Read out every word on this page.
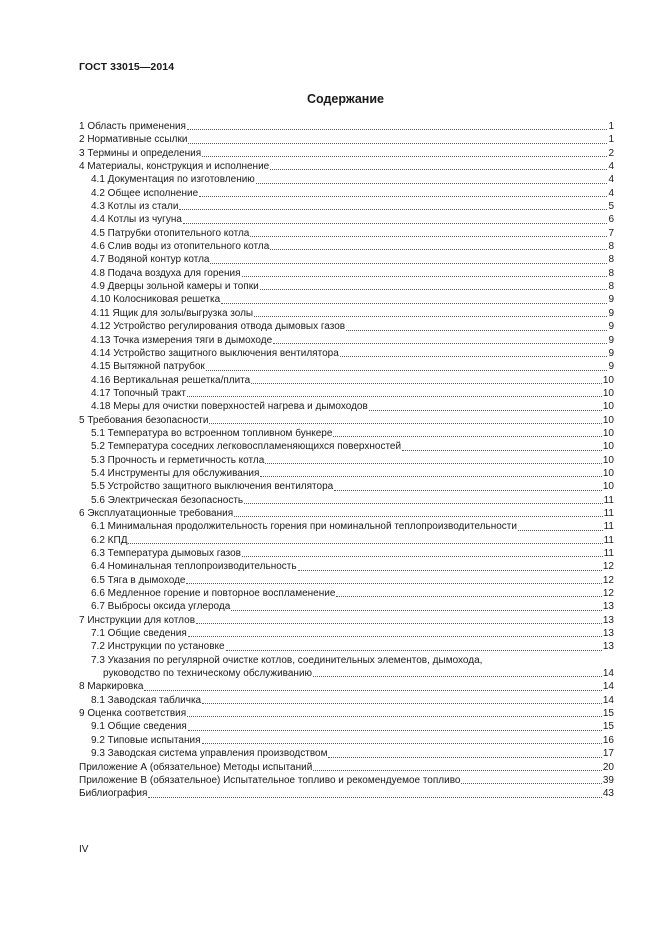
ГОСТ 33015—2014
Содержание
1 Область применения	1
2 Нормативные ссылки	1
3 Термины и определения	2
4 Материалы, конструкция и исполнение	4
4.1 Документация по изготовлению	4
4.2 Общее исполнение	4
4.3 Котлы из стали	5
4.4 Котлы из чугуна	6
4.5 Патрубки отопительного котла	7
4.6 Слив воды из отопительного котла	8
4.7 Водяной контур котла	8
4.8 Подача воздуха для горения	8
4.9 Дверцы зольной камеры и топки	8
4.10 Колосниковая решетка	9
4.11 Ящик для золы/выгрузка золы	9
4.12 Устройство регулирования отвода дымовых газов	9
4.13 Точка измерения тяги в дымоходе	9
4.14 Устройство защитного выключения вентилятора	9
4.15 Вытяжной патрубок	9
4.16 Вертикальная решетка/плита	10
4.17 Топочный тракт	10
4.18 Меры для очистки поверхностей нагрева и дымоходов	10
5 Требования безопасности	10
5.1 Температура во встроенном топливном бункере	10
5.2 Температура соседних легковоспламеняющихся поверхностей	10
5.3 Прочность и герметичность котла	10
5.4 Инструменты для обслуживания	10
5.5 Устройство защитного выключения вентилятора	10
5.6 Электрическая безопасность	11
6 Эксплуатационные требования	11
6.1 Минимальная продолжительность горения при номинальной теплопроизводительности	11
6.2 КПД	11
6.3 Температура дымовых газов	11
6.4 Номинальная теплопроизводительность	12
6.5 Тяга в дымоходе	12
6.6 Медленное горение и повторное воспламенение	12
6.7 Выбросы оксида углерода	13
7 Инструкции для котлов	13
7.1 Общие сведения	13
7.2 Инструкции по установке	13
7.3 Указания по регулярной очистке котлов, соединительных элементов, дымохода,
руководство по техническому обслуживанию	14
8 Маркировка	14
8.1 Заводская табличка	14
9 Оценка соответствия	15
9.1 Общие сведения	15
9.2 Типовые испытания	16
9.3 Заводская система управления производством	17
Приложение А (обязательное) Методы испытаний	20
Приложение В (обязательное) Испытательное топливо и рекомендуемое топливо	39
Библиография	43
IV
